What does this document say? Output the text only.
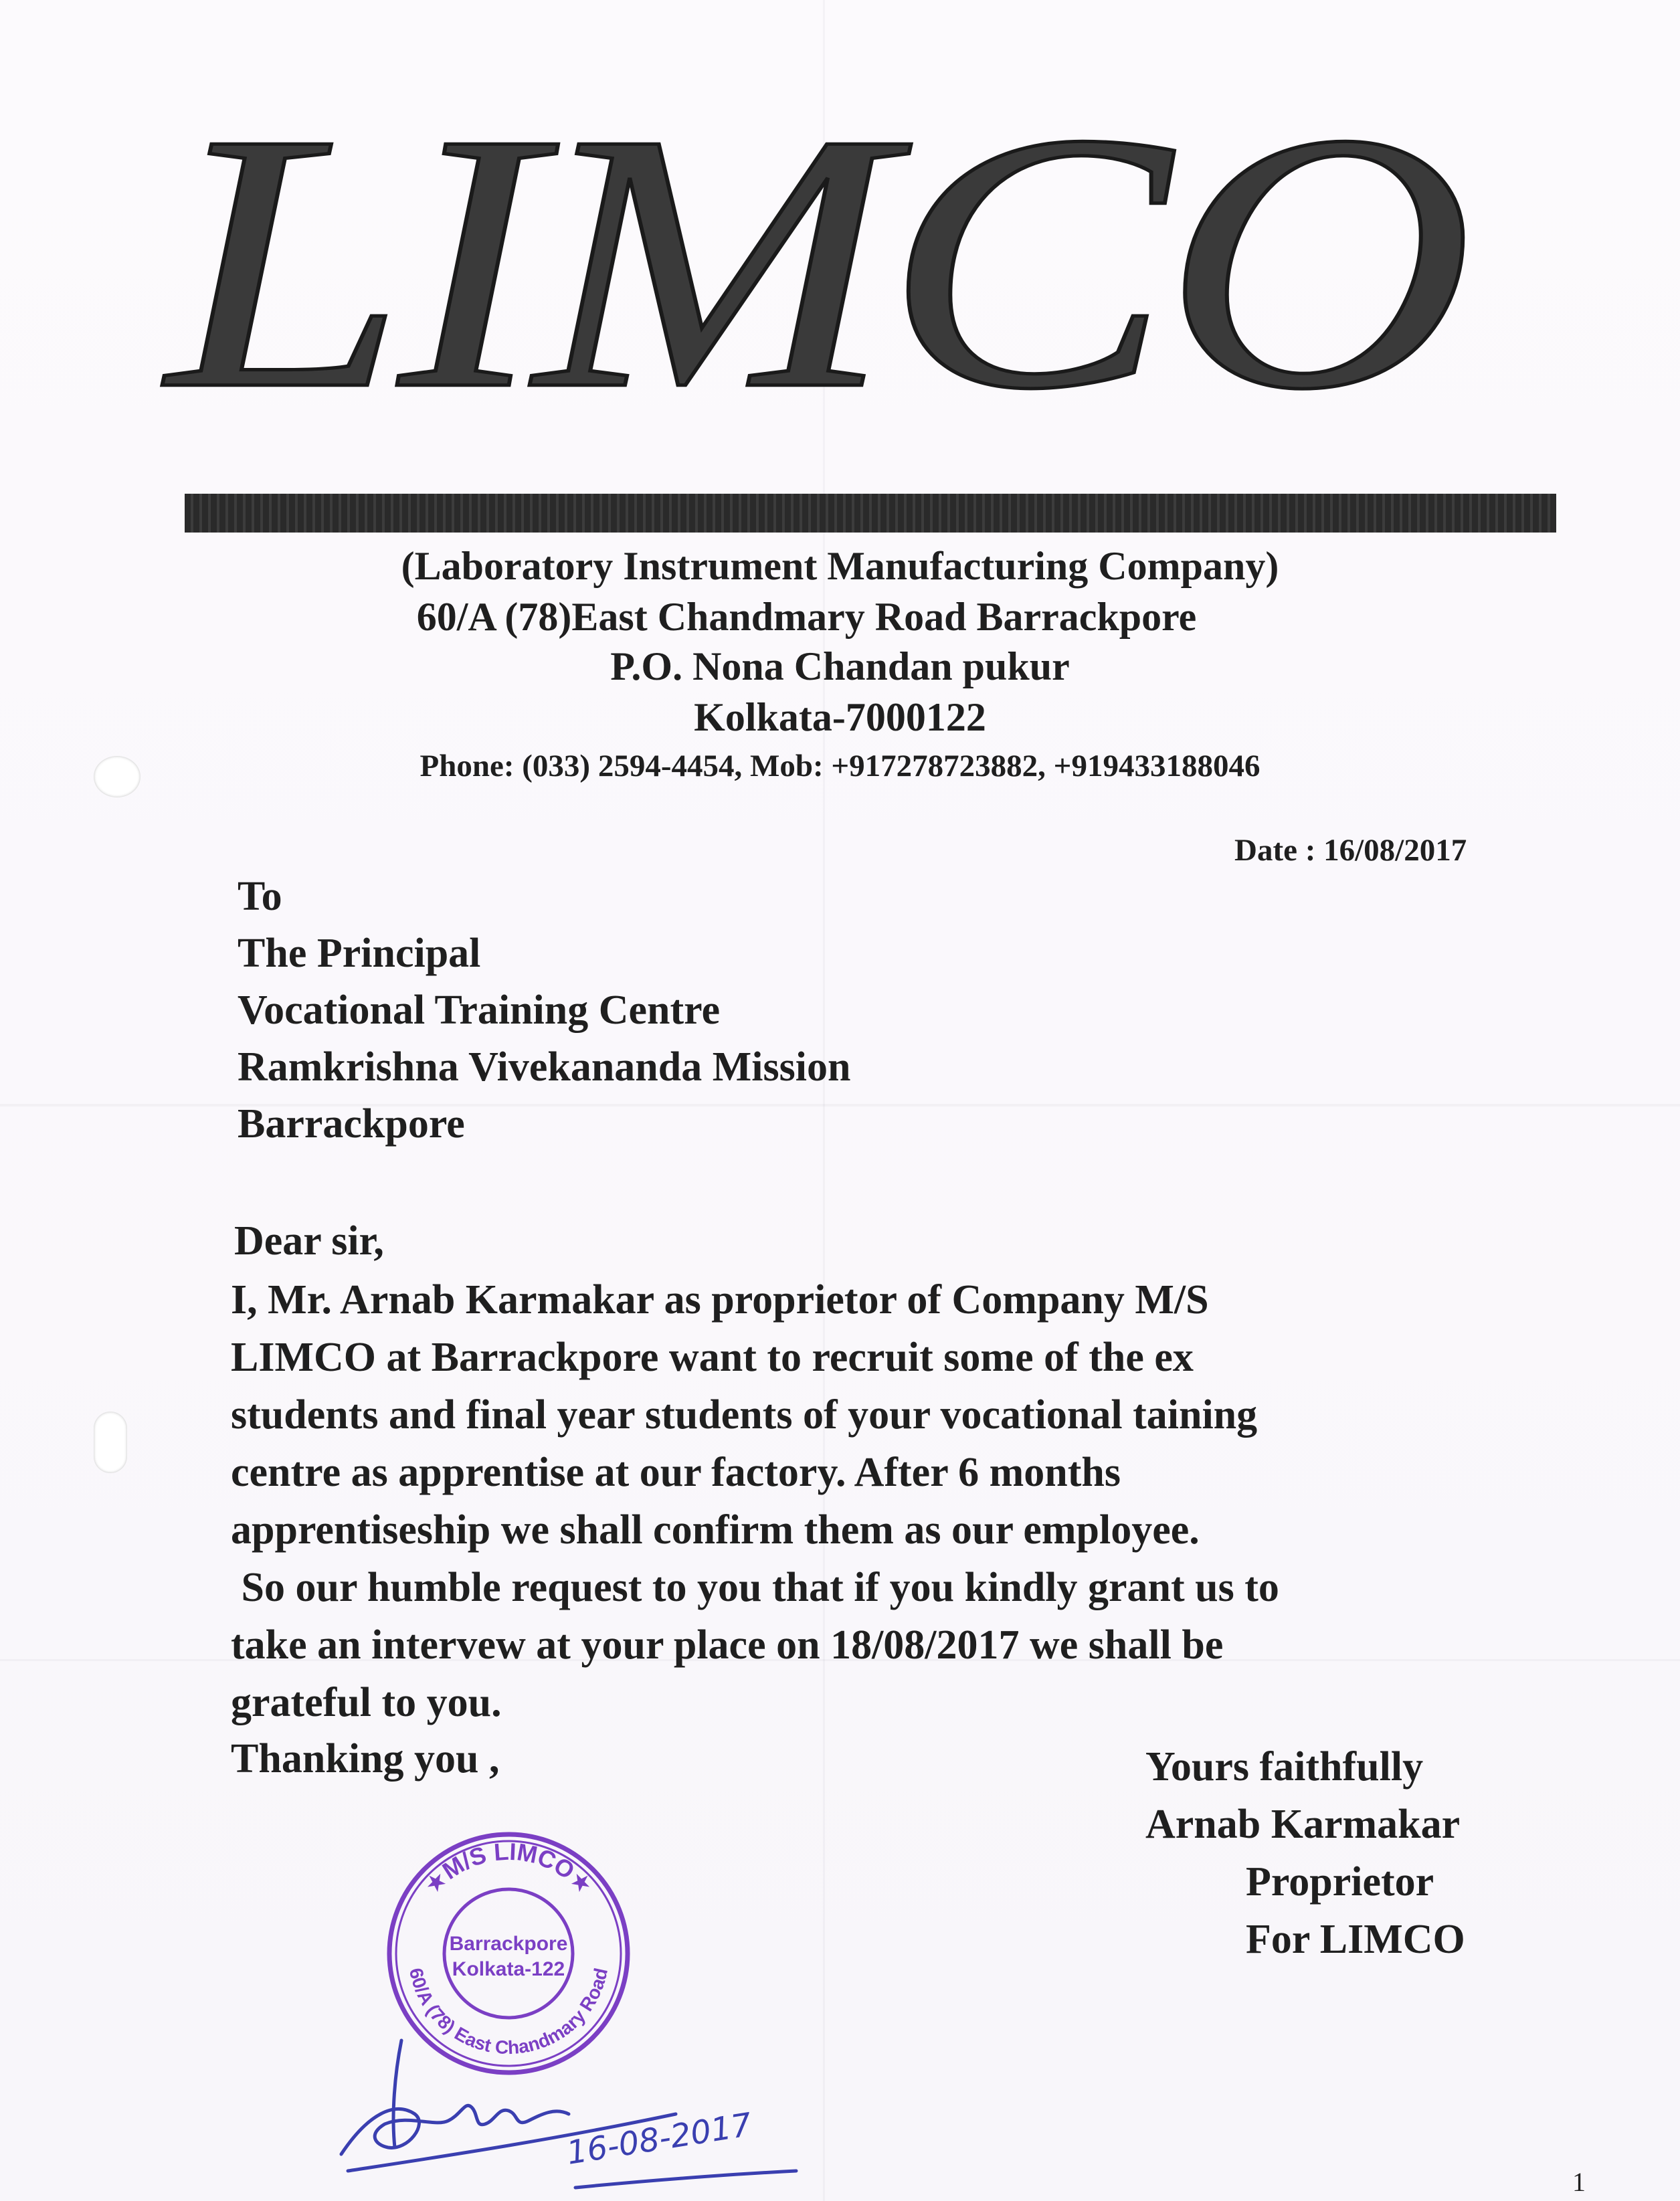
LIMCO
(Laboratory Instrument Manufacturing Company)
60/A (78)East Chandmary Road Barrackpore
P.O. Nona Chandan pukur
Kolkata-7000122
Phone: (033) 2594-4454, Mob: +917278723882, +919433188046
Date : 16/08/2017
To
The Principal
Vocational Training Centre
Ramkrishna Vivekananda Mission
Barrackpore
Dear sir,
I, Mr. Arnab Karmakar as proprietor of Company M/S
LIMCO at Barrackpore want to recruit some of the ex
students and final year students of your vocational taining
centre as apprentise at our factory. After 6 months
apprentiseship we shall confirm them as our employee.
So our humble request to you that if you kindly grant us to
take an intervew at your place on 18/08/2017 we shall be
grateful to you.
Thanking you ,	Yours faithfully
Arnab Karmakar
Proprietor
For LIMCO
★M/S LIMCO★
60/A (78) East Chandmary Road
Barrackpore
Kolkata-122
16-08-2017
1
